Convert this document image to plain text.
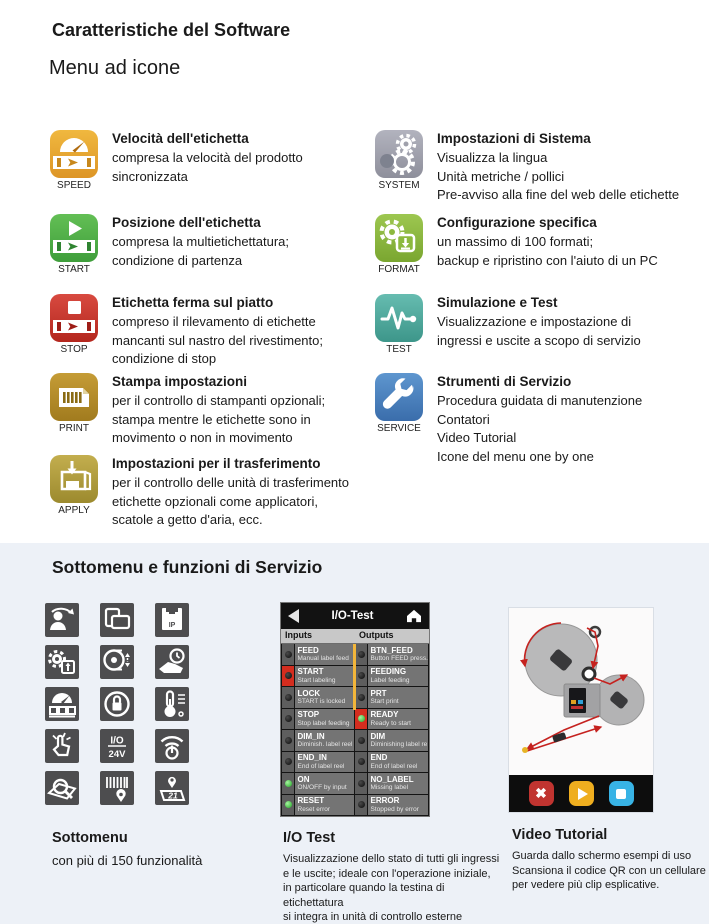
Caratteristiche del Software
Menu ad icone
SPEED
Velocità dell'etichetta
compresa la velocità del prodotto
sincronizzata
START
Posizione dell'etichetta
compresa la multietichettatura;
condizione di partenza
STOP
Etichetta ferma sul piatto
compreso il rilevamento di etichette
mancanti sul nastro del rivestimento;
condizione di stop
PRINT
Stampa impostazioni
per il controllo di stampanti opzionali;
stampa mentre le etichette sono in
movimento o non in movimento
APPLY
Impostazioni per il trasferimento
per il controllo delle unità di trasferimento
etichette opzionali come applicatori,
scatole a getto d'aria, ecc.
SYSTEM
Impostazioni di Sistema
Visualizza la lingua
Unità metriche / pollici
Pre-avviso alla fine del web delle etichette
FORMAT
Configurazione specifica
un massimo di 100 formati;
backup e ripristino con l'aiuto di un PC
TEST
Simulazione e Test
Visualizzazione e impostazione di
ingressi e uscite a scopo di servizio
SERVICE
Strumenti di Servizio
Procedura guidata di manutenzione
Contatori
Video Tutorial
Icone del menu one by one
Sottomenu e funzioni di Servizio
IP
I/O
24V
21
I/O-Test
Inputs	Outputs
FEED
Manual label feed
START
Start labeling
LOCK
START is locked
STOP
Stop label feeding
DIM_IN
Diminish. label reel
END_IN
End of label reel
ON
ON/OFF by input
RESET
Reset error
BTN_FEED
Button FEED press.
FEEDING
Label feeding
PRT
Start print
READY
Ready to start
DIM
Diminishing label re
END
End of label reel
NO_LABEL
Missing label
ERROR
Stopped by error
✖
Sottomenu
con più di 150 funzionalità
I/O Test
Visualizzazione dello stato di tutti gli ingressi
e le uscite; ideale con l'operazione iniziale,
in particolare quando la testina di etichettatura
si integra in unità di controllo esterne
Video Tutorial
Guarda dallo schermo esempi di uso
Scansiona il codice QR con un cellulare
per vedere più clip esplicative.
